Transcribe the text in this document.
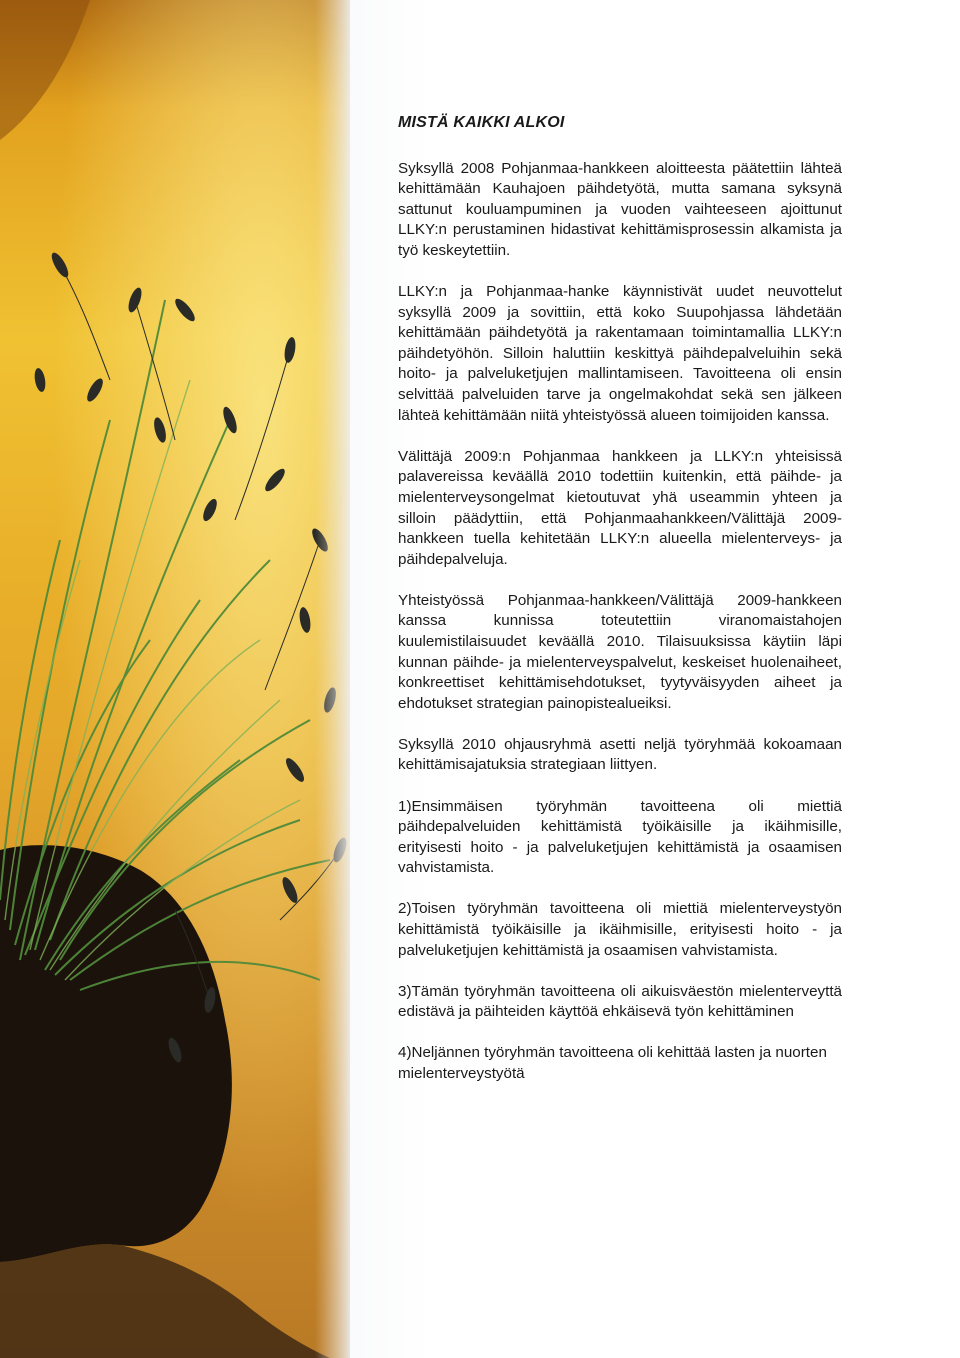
MISTÄ KAIKKI ALKOI

Syksyllä 2008 Pohjanmaa-hankkeen aloitteesta päätettiin lähteä kehittämään Kauhajoen päihdetyötä, mutta samana syksynä sattunut kouluampuminen ja vuoden vaihteeseen ajoittunut LLKY:n perustaminen hidastivat kehittämisprosessin alkamista ja työ keskeytettiin.

LLKY:n ja Pohjanmaa-hanke käynnistivät uudet neuvottelut syksyllä 2009 ja sovittiin, että koko Suupohjassa lähdetään kehittämään päihdetyötä ja rakentamaan toimintamallia LLKY:n päihdetyöhön. Silloin haluttiin keskittyä päihdepalveluihin sekä hoito- ja palveluketjujen mallintamiseen. Tavoitteena oli ensin selvittää palveluiden tarve ja ongelmakohdat sekä sen jälkeen lähteä kehittämään niitä yhteistyössä alueen toimijoiden kanssa.

Välittäjä 2009:n Pohjanmaa hankkeen ja LLKY:n yhteisissä palavereissa keväällä 2010 todettiin kuitenkin, että päihde- ja mielenterveysongelmat kietoutuvat yhä useammin yhteen ja silloin päädyttiin, että Pohjanmaahankkeen/Välittäjä 2009-hankkeen tuella kehitetään LLKY:n alueella mielenterveys- ja päihdepalveluja.

Yhteistyössä Pohjanmaa-hankkeen/Välittäjä 2009-hankkeen kanssa kunnissa toteutettiin viranomaistahojen kuulemistilaisuudet keväällä 2010. Tilaisuuksissa käytiin läpi kunnan päihde- ja mielenterveyspalvelut, keskeiset huolenaiheet, konkreettiset kehittämisehdotukset, tyytyväisyyden aiheet ja ehdotukset strategian painopistealueiksi.

Syksyllä 2010 ohjausryhmä asetti neljä työryhmää kokoamaan kehittämisajatuksia strategiaan liittyen.

1)Ensimmäisen työryhmän tavoitteena oli miettiä päihdepalveluiden kehittämistä työikäisille ja ikäihmisille, erityisesti hoito - ja palveluketjujen kehittämistä ja osaamisen vahvistamista.

2)Toisen työryhmän tavoitteena oli miettiä mielenterveystyön kehittämistä työikäisille ja ikäihmisille, erityisesti hoito - ja palveluketjujen kehittämistä ja osaamisen vahvistamista.

3)Tämän työryhmän tavoitteena oli aikuisväestön mielenterveyttä edistävä ja päihteiden käyttöä ehkäisevä työn kehittäminen

4)Neljännen työryhmän tavoitteena oli kehittää lasten ja nuorten mielenterveystyötä
